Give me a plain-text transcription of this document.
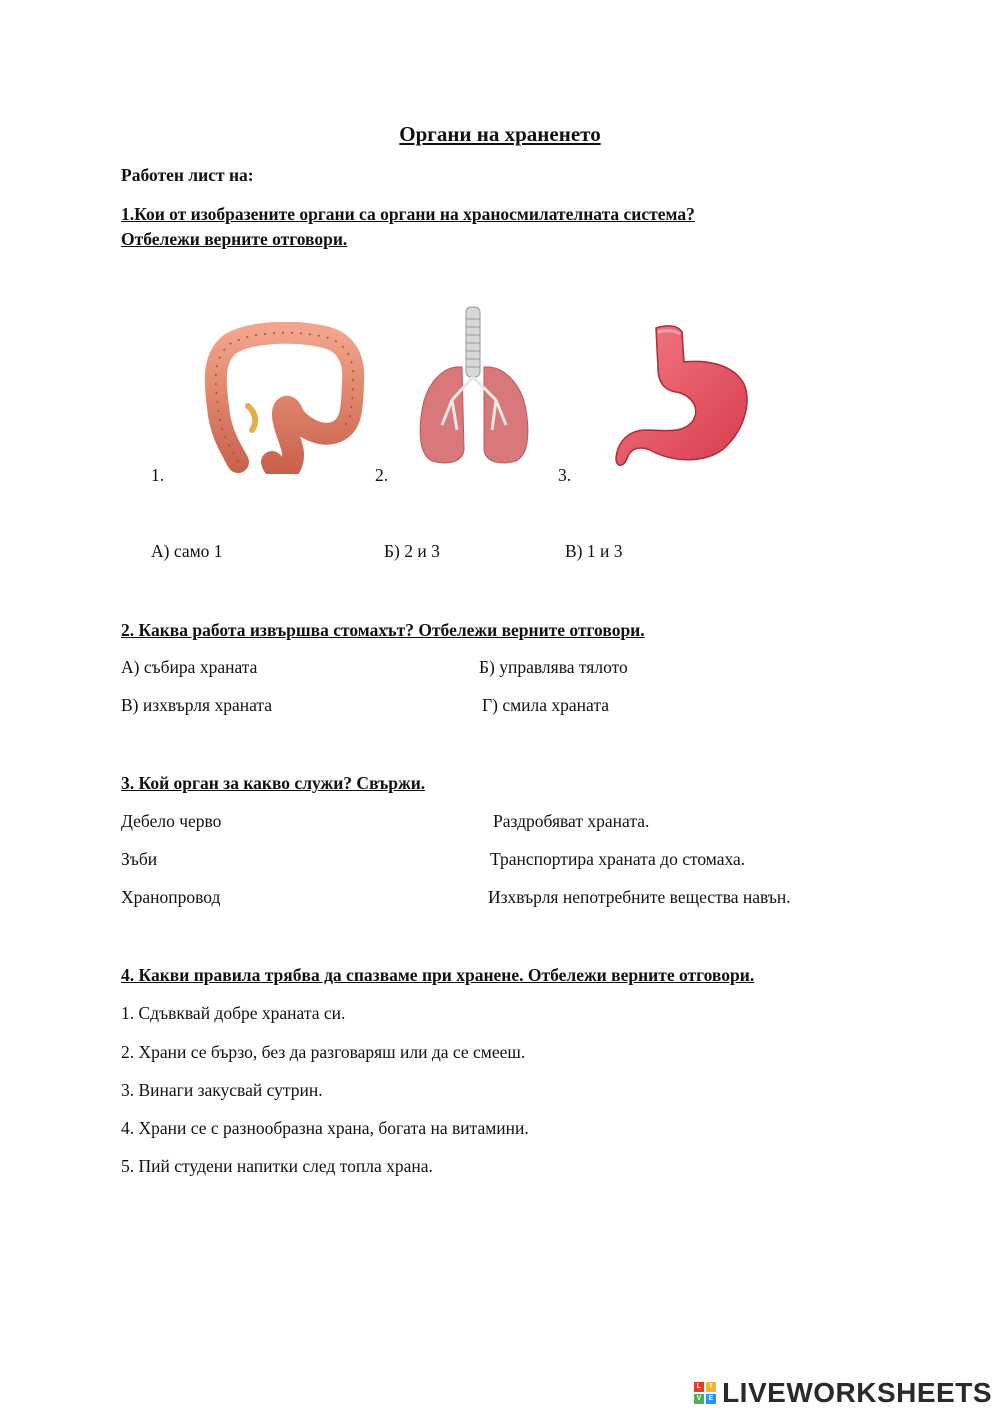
Органи на храненето
Работен лист на:
1.Кои от изобразените органи са органи на храносмилателната система?
Отбележи верните отговори.
1.	2.	3.
А) само 1	Б) 2 и 3	В) 1 и 3
2. Каква работа извършва стомахът? Отбележи верните отговори.
А) събира храната	Б) управлява тялото
В) изхвърля храната	Г) смила храната
3. Кой орган за какво служи? Свържи.
Дебело черво	Раздробяват храната.
Зъби	Транспортира храната до стомаха.
Хранопровод	Изхвърля непотребните вещества навън.
4. Какви правила трябва да спазваме при хранене. Отбележи верните отговори.
1. Сдъвквай добре храната си.
2. Храни се бързо, без да разговаряш или да се смееш.
3. Винаги закусвай сутрин.
4. Храни се с разнообразна храна, богата на витамини.
5. Пий студени напитки след топла храна.
L	I
V E LIVEWORKSHEETS
